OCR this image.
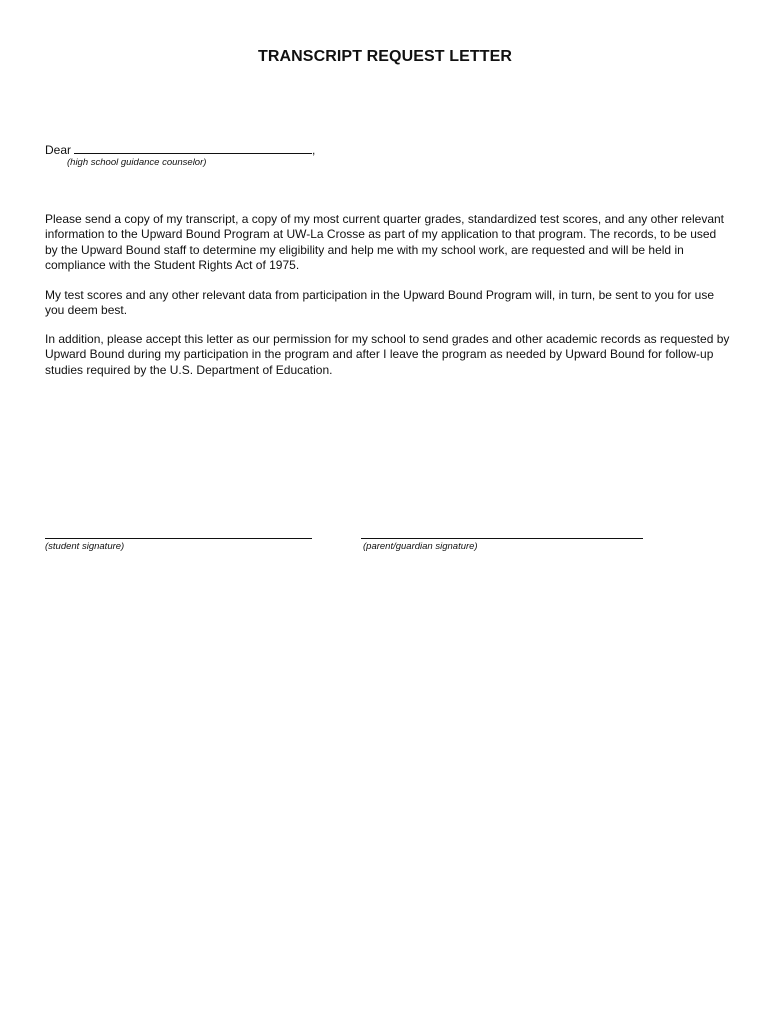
TRANSCRIPT REQUEST LETTER
Dear	,
(high school guidance counselor)
Please send a copy of my transcript, a copy of my most current quarter grades, standardized test scores, and any other relevant information to the Upward Bound Program at UW-La Crosse as part of my application to that program. The records, to be used by the Upward Bound staff to determine my eligibility and help me with my school work, are requested and will be held in compliance with the Student Rights Act of 1975.
My test scores and any other relevant data from participation in the Upward Bound Program will, in turn, be sent to you for use you deem best.
In addition, please accept this letter as our permission for my school to send grades and other academic records as requested by Upward Bound during my participation in the program and after I leave the program as needed by Upward Bound for follow-up studies required by the U.S. Department of Education.
(student signature)	(parent/guardian signature)
